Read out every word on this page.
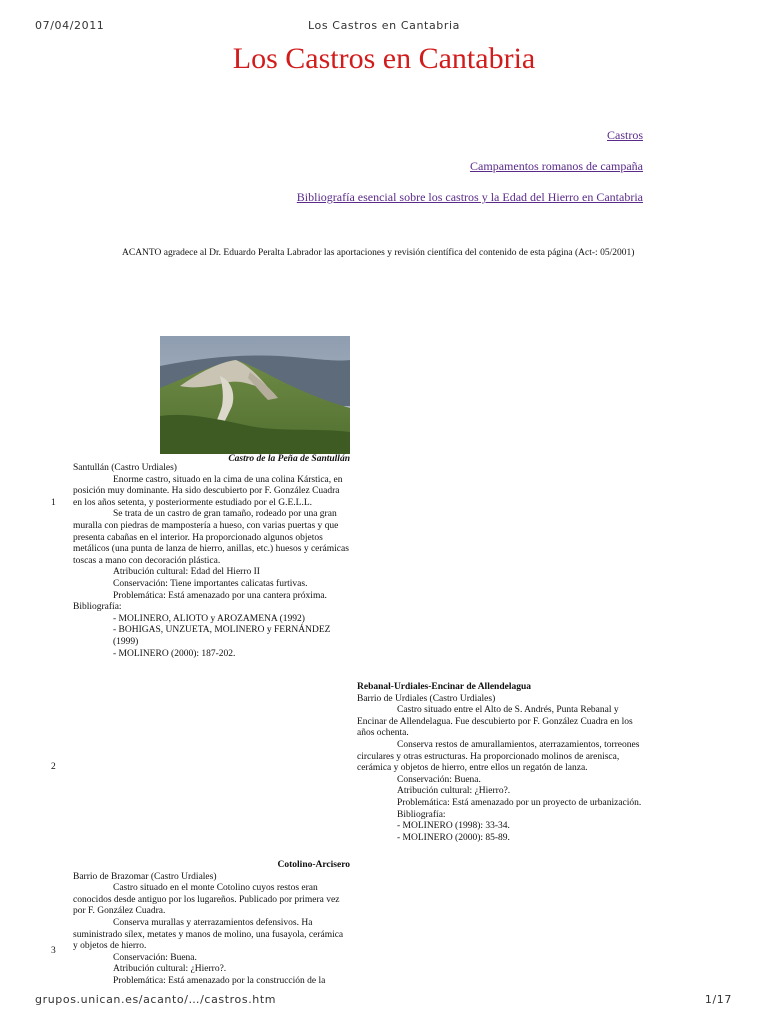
07/04/2011	Los Castros en Cantabria
Los Castros en Cantabria
Castros
Campamentos romanos de campaña
Bibliografía esencial sobre los castros y la Edad del Hierro en Cantabria
ACANTO agradece al Dr. Eduardo Peralta Labrador las aportaciones y revisión científica del contenido de esta página (Act-: 05/2001)
Castro de la Peña de Santullán
1

Santullán (Castro Urdiales)

Enorme castro, situado en la cima de una colina Kárstica, en posición muy dominante. Ha sido descubierto por F. González Cuadra en los años setenta, y posteriormente estudiado por el G.E.L.L.

Se trata de un castro de gran tamaño, rodeado por una gran muralla con piedras de mampostería a hueso, con varias puertas y que presenta cabañas en el interior. Ha proporcionado algunos objetos metálicos (una punta de lanza de hierro, anillas, etc.) huesos y cerámicas toscas a mano con decoración plástica.

Atribución cultural: Edad del Hierro II

Conservación: Tiene importantes calicatas furtivas.

Problemática: Está amenazado por una cantera próxima.

Bibliografía:

- MOLINERO, ALIOTO y AROZAMENA (1992)

- BOHIGAS, UNZUETA, MOLINERO y FERNÁNDEZ (1999)

- MOLINERO (2000): 187-202.

2

Rebanal-Urdiales-Encinar de Allendelagua

Barrio de Urdiales (Castro Urdiales)

Castro situado entre el Alto de S. Andrés, Punta Rebanal y Encinar de Allendelagua. Fue descubierto por F. González Cuadra en los años ochenta.

Conserva restos de amurallamientos, aterrazamientos, torreones circulares y otras estructuras. Ha proporcionado molinos de arenisca, cerámica y objetos de hierro, entre ellos un regatón de lanza.

Conservación: Buena.

Atribución cultural: ¿Hierro?.

Problemática: Está amenazado por un proyecto de urbanización.

Bibliografía:

- MOLINERO (1998): 33-34.

- MOLINERO (2000): 85-89.

3

Cotolino-Arcisero

Barrio de Brazomar (Castro Urdiales)

Castro situado en el monte Cotolino cuyos restos eran conocidos desde antiguo por los lugareños. Publicado por primera vez por F. González Cuadra.

Conserva murallas y aterrazamientos defensivos. Ha suministrado sílex, metates y manos de molino, una fusayola, cerámica y objetos de hierro.

Conservación: Buena.

Atribución cultural: ¿Hierro?.

Problemática: Está amenazado por la construcción de la

grupos.unican.es/acanto/…/castros.htm	1/17
